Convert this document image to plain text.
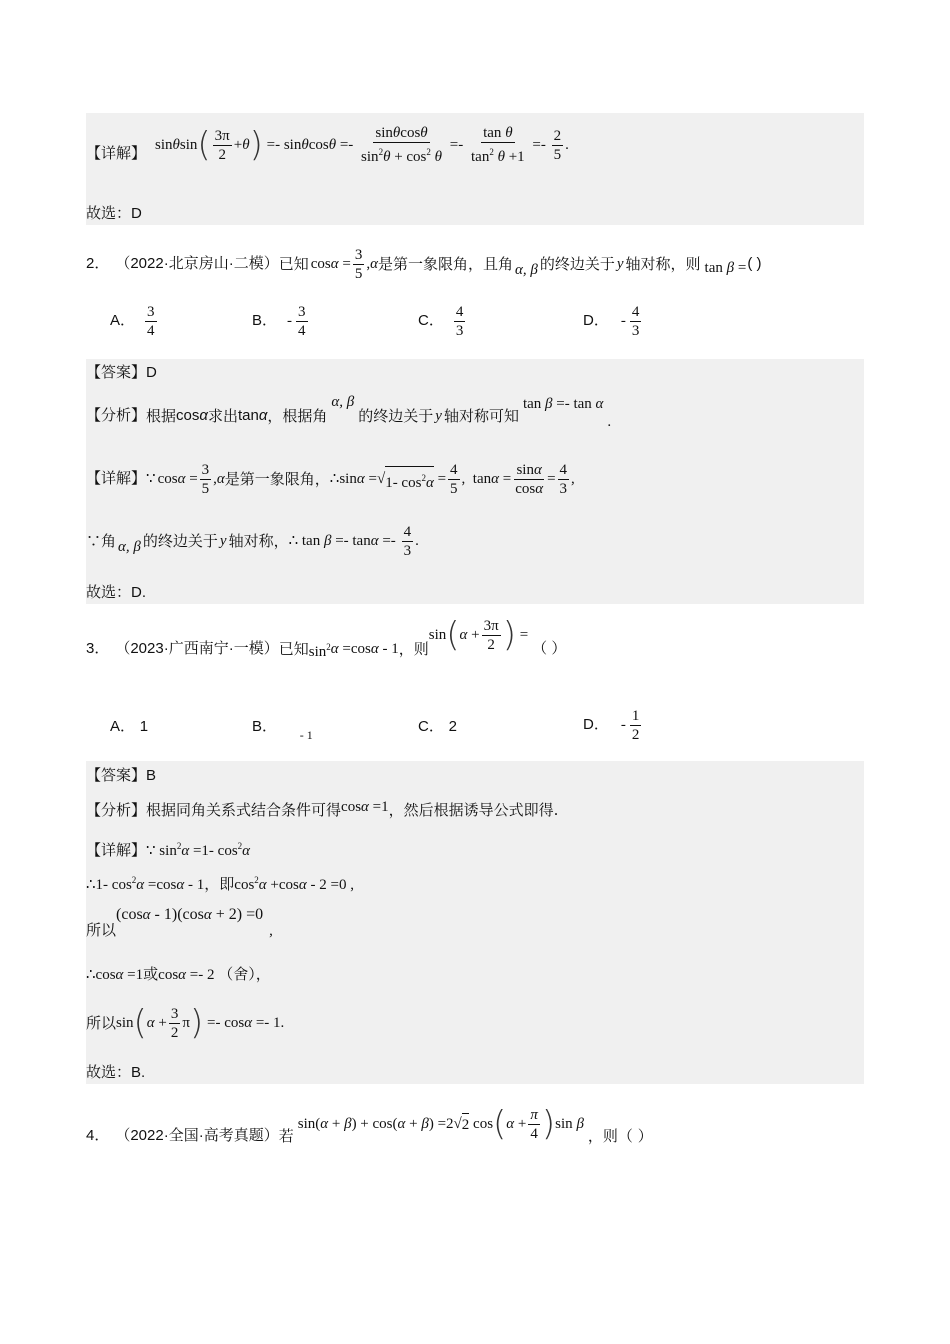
【详解】 sin θ sin ( $\frac{3\pi}{2} + \theta$ ) =- sin θ $\cos \theta =- \frac{\sin\theta\cos\theta}{\sin^2\theta + \cos^2 \theta} =- \frac{\text{tan θ}}{\tan^2 \theta +1} =- \frac{2}{5}$ .
故选：D
2． （2022·北京房山·二模） 已知 $\cos \alpha = \frac{3}{5}$ , α 是第一象限角，且角 α, β 的终边关于 y 轴对称，则 tan β = ( )
A．
3
4
B． -
3
4
C．
4
3
D． -
4
3
【答案】D
【分析】 根据 cos α 求出 tan α ，根据角
α, β
的终边关于 y 轴对称可知
tan β =- tan α
.
【详解】 ∵ $\cos \alpha = \frac{3}{5}$ , α 是第一象限角， ∴ sin α =√ 1- $\cos^2\alpha = \frac{4}{5}$ ,  $\tan \alpha = \frac{\sin\alpha}{\cos\alpha} = \frac{4}{3}$ ,
∵角 α, β 的终边关于 y 轴对称， ∴ $\tan \beta =- \tan \alpha =- \frac{4}{3}$ .
故选：D.
3． （2023·广西南宁·一模） 已知 $\sin^2 \alpha =\cos$ α - 1 ，则
sin ( $\alpha + \frac{3\pi}{2}$ ) =
（ ）
A． 1	B． $_{- 1}$	C． 2	D． -
1
2
【答案】B
【分析】根据同角关系式结合条件可得cosα =1，然后根据诱导公式即得.
【详解】∵ $\sin^2\alpha =1-$ $\cos^2\alpha$
∴1- $\cos^2\alpha =\cos\alpha - 1$，即$\cos^2\alpha +\cos\alpha - 2 =0$ ,
所以(cosα - 1)(cosα + 2) =0,
∴cosα =1或cosα =- 2 （舍），
所以 sin ( $\alpha + \frac{3}{2}$ π ) =- cos α =- 1.
故选：B.
4． （2022·全国·高考真题） 若
sin( α + β ) + cos( α + β ) =2√ 2 cos ( $\alpha + \frac{\pi}{4}$ ) sin β
，则（ ）
